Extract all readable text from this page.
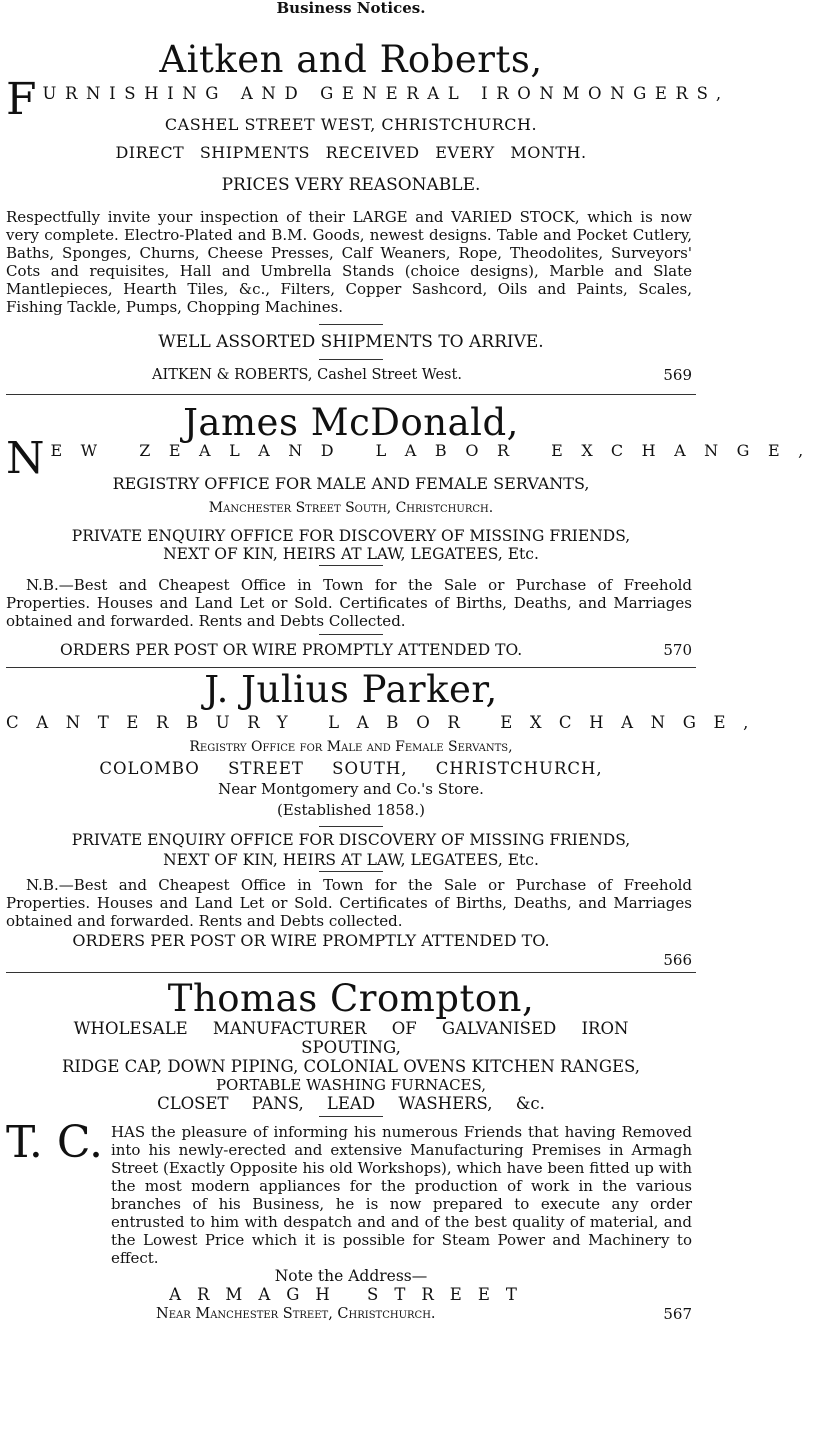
Business Notices.
Aitken and Roberts,
F URNISHING AND GENERAL IRONMONGERS,
CASHEL STREET WEST, CHRISTCHURCH.
DIRECT SHIPMENTS RECEIVED EVERY MONTH.
PRICES VERY REASONABLE.
Respectfully invite your inspection of their LARGE and VARIED STOCK, which is now very complete. Electro-Plated and B.M. Goods, newest designs. Table and Pocket Cutlery, Baths, Sponges, Churns, Cheese Presses, Calf Weaners, Rope, Theodolites, Surveyors' Cots and requisites, Hall and Umbrella Stands (choice designs), Marble and Slate Mantlepieces, Hearth Tiles, &c., Filters, Copper Sashcord, Oils and Paints, Scales, Fishing Tackle, Pumps, Chopping Machines.
WELL ASSORTED SHIPMENTS TO ARRIVE.
AITKEN & ROBERTS, Cashel Street West.	569
James McDonald,
N EW ZEALAND LABOR EXCHANGE,
REGISTRY OFFICE FOR MALE AND FEMALE SERVANTS,
Manchester Street South, Christchurch.
PRIVATE ENQUIRY OFFICE FOR DISCOVERY OF MISSING FRIENDS,
NEXT OF KIN, HEIRS AT LAW, LEGATEES, Etc.
N.B.—Best and Cheapest Office in Town for the Sale or Purchase of Freehold Properties. Houses and Land Let or Sold. Certificates of Births, Deaths, and Marriages obtained and forwarded. Rents and Debts Collected.
ORDERS PER POST OR WIRE PROMPTLY ATTENDED TO.	570
J. Julius Parker,
CANTERBURY LABOR EXCHANGE,
Registry Office for Male and Female Servants,
COLOMBO STREET SOUTH, CHRISTCHURCH,
Near Montgomery and Co.'s Store.
(Established 1858.)
PRIVATE ENQUIRY OFFICE FOR DISCOVERY OF MISSING FRIENDS,
NEXT OF KIN, HEIRS AT LAW, LEGATEES, Etc.
N.B.—Best and Cheapest Office in Town for the Sale or Purchase of Freehold Properties. Houses and Land Let or Sold. Certificates of Births, Deaths, and Marriages obtained and forwarded. Rents and Debts collected.
ORDERS PER POST OR WIRE PROMPTLY ATTENDED TO.
566
Thomas Crompton,
WHOLESALE MANUFACTURER OF GALVANISED IRON
SPOUTING,
RIDGE CAP, DOWN PIPING, COLONIAL OVENS KITCHEN RANGES,
PORTABLE WASHING FURNACES,
CLOSET PANS, LEAD WASHERS, &c.
T. C. HAS the pleasure of informing his numerous Friends that having Removed into his newly-erected and extensive Manufacturing Premises in Armagh Street (Exactly Opposite his old Workshops), which have been fitted up with the most modern appliances for the production of work in the various branches of his Business, he is now prepared to execute any order entrusted to him with despatch and and of the best quality of material, and the Lowest Price which it is possible for Steam Power and Machinery to effect.
Note the Address—
ARMAGH STREET
Near Manchester Street, Christchurch.	567
